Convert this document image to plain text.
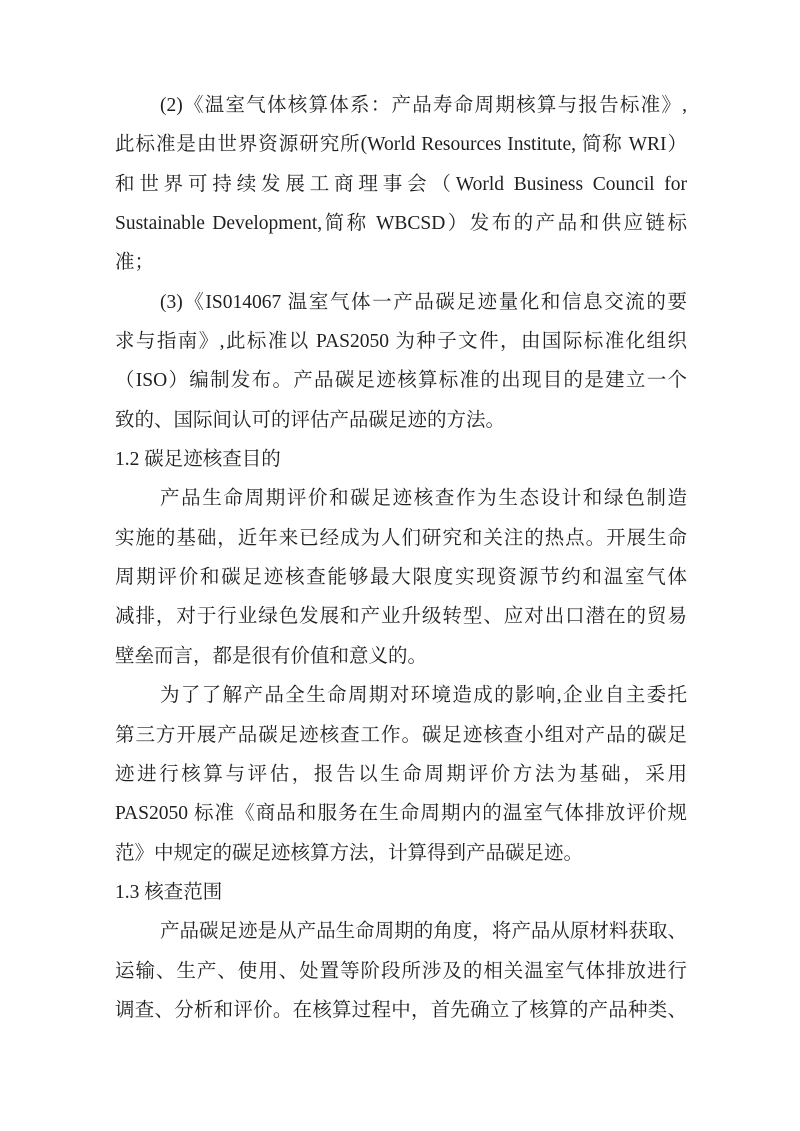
(2)《温室气体核算体系：产品寿命周期核算与报告标准》,
此标准是由世界资源研究所(World Resources Institute, 简称 WRI）
和世界可持续发展工商理事会（World Business Council for
Sustainable Development,简称 WBCSD）发布的产品和供应链标
准；
(3)《IS014067 温室气体一产品碳足迹量化和信息交流的要
求与指南》,此标准以 PAS2050 为种子文件，由国际标准化组织
（ISO）编制发布。产品碳足迹核算标准的出现目的是建立一个
致的、国际间认可的评估产品碳足迹的方法。
1.2 碳足迹核查目的
产品生命周期评价和碳足迹核查作为生态设计和绿色制造
实施的基础，近年来已经成为人们研究和关注的热点。开展生命
周期评价和碳足迹核查能够最大限度实现资源节约和温室气体
减排，对于行业绿色发展和产业升级转型、应对出口潜在的贸易
壁垒而言，都是很有价值和意义的。
为了了解产品全生命周期对环境造成的影响,企业自主委托
第三方开展产品碳足迹核查工作。碳足迹核查小组对产品的碳足
迹进行核算与评估，报告以生命周期评价方法为基础，采用
PAS2050 标准《商品和服务在生命周期内的温室气体排放评价规
范》中规定的碳足迹核算方法，计算得到产品碳足迹。
1.3 核查范围
产品碳足迹是从产品生命周期的角度，将产品从原材料获取、
运输、生产、使用、处置等阶段所涉及的相关温室气体排放进行
调查、分析和评价。在核算过程中，首先确立了核算的产品种类、
